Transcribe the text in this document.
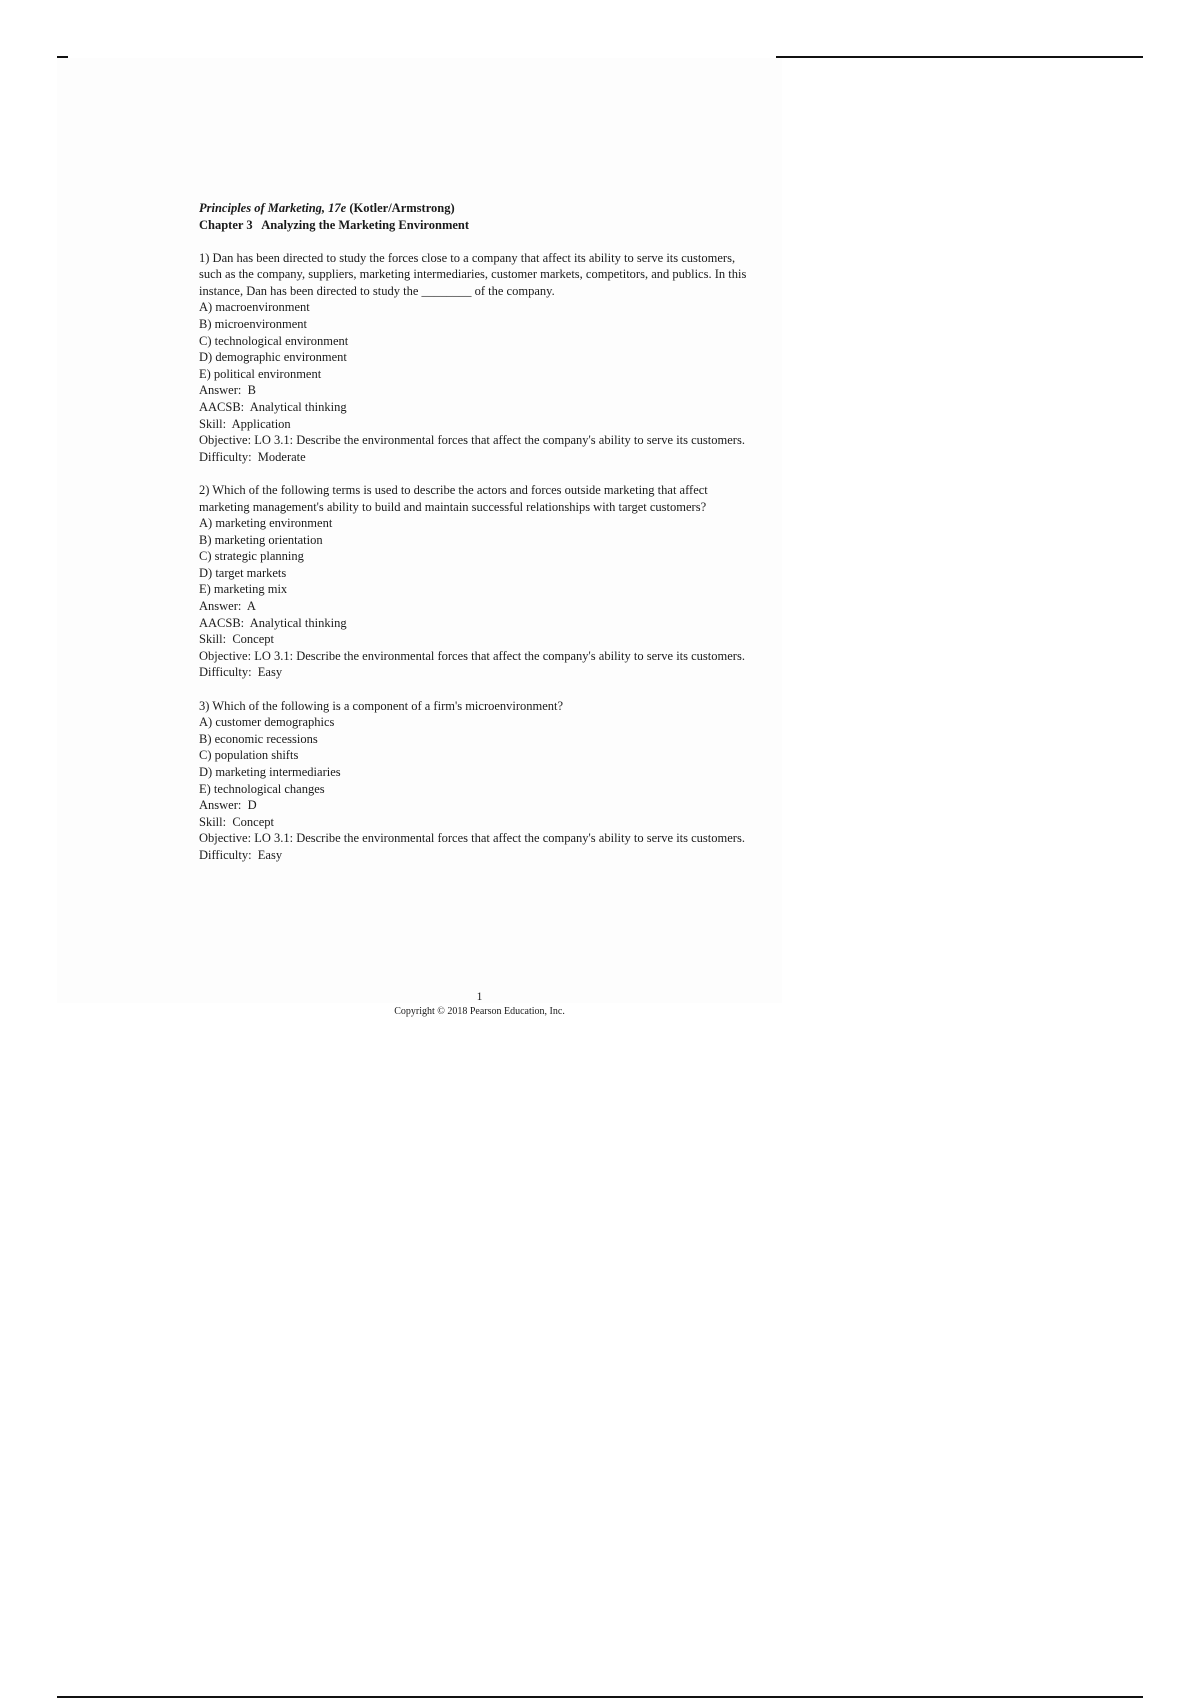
Principles of Marketing, 17e (Kotler/Armstrong)
Chapter 3   Analyzing the Marketing Environment
1) Dan has been directed to study the forces close to a company that affect its ability to serve its customers, such as the company, suppliers, marketing intermediaries, customer markets, competitors, and publics. In this instance, Dan has been directed to study the ________ of the company.
A) macroenvironment
B) microenvironment
C) technological environment
D) demographic environment
E) political environment
Answer:  B
AACSB:  Analytical thinking
Skill:  Application
Objective: LO 3.1: Describe the environmental forces that affect the company's ability to serve its customers.
Difficulty:  Moderate
2) Which of the following terms is used to describe the actors and forces outside marketing that affect marketing management's ability to build and maintain successful relationships with target customers?
A) marketing environment
B) marketing orientation
C) strategic planning
D) target markets
E) marketing mix
Answer:  A
AACSB:  Analytical thinking
Skill:  Concept
Objective: LO 3.1: Describe the environmental forces that affect the company's ability to serve its customers.
Difficulty:  Easy
3) Which of the following is a component of a firm's microenvironment?
A) customer demographics
B) economic recessions
C) population shifts
D) marketing intermediaries
E) technological changes
Answer:  D
Skill:  Concept
Objective: LO 3.1: Describe the environmental forces that affect the company's ability to serve its customers.
Difficulty:  Easy
1
Copyright © 2018 Pearson Education, Inc.
